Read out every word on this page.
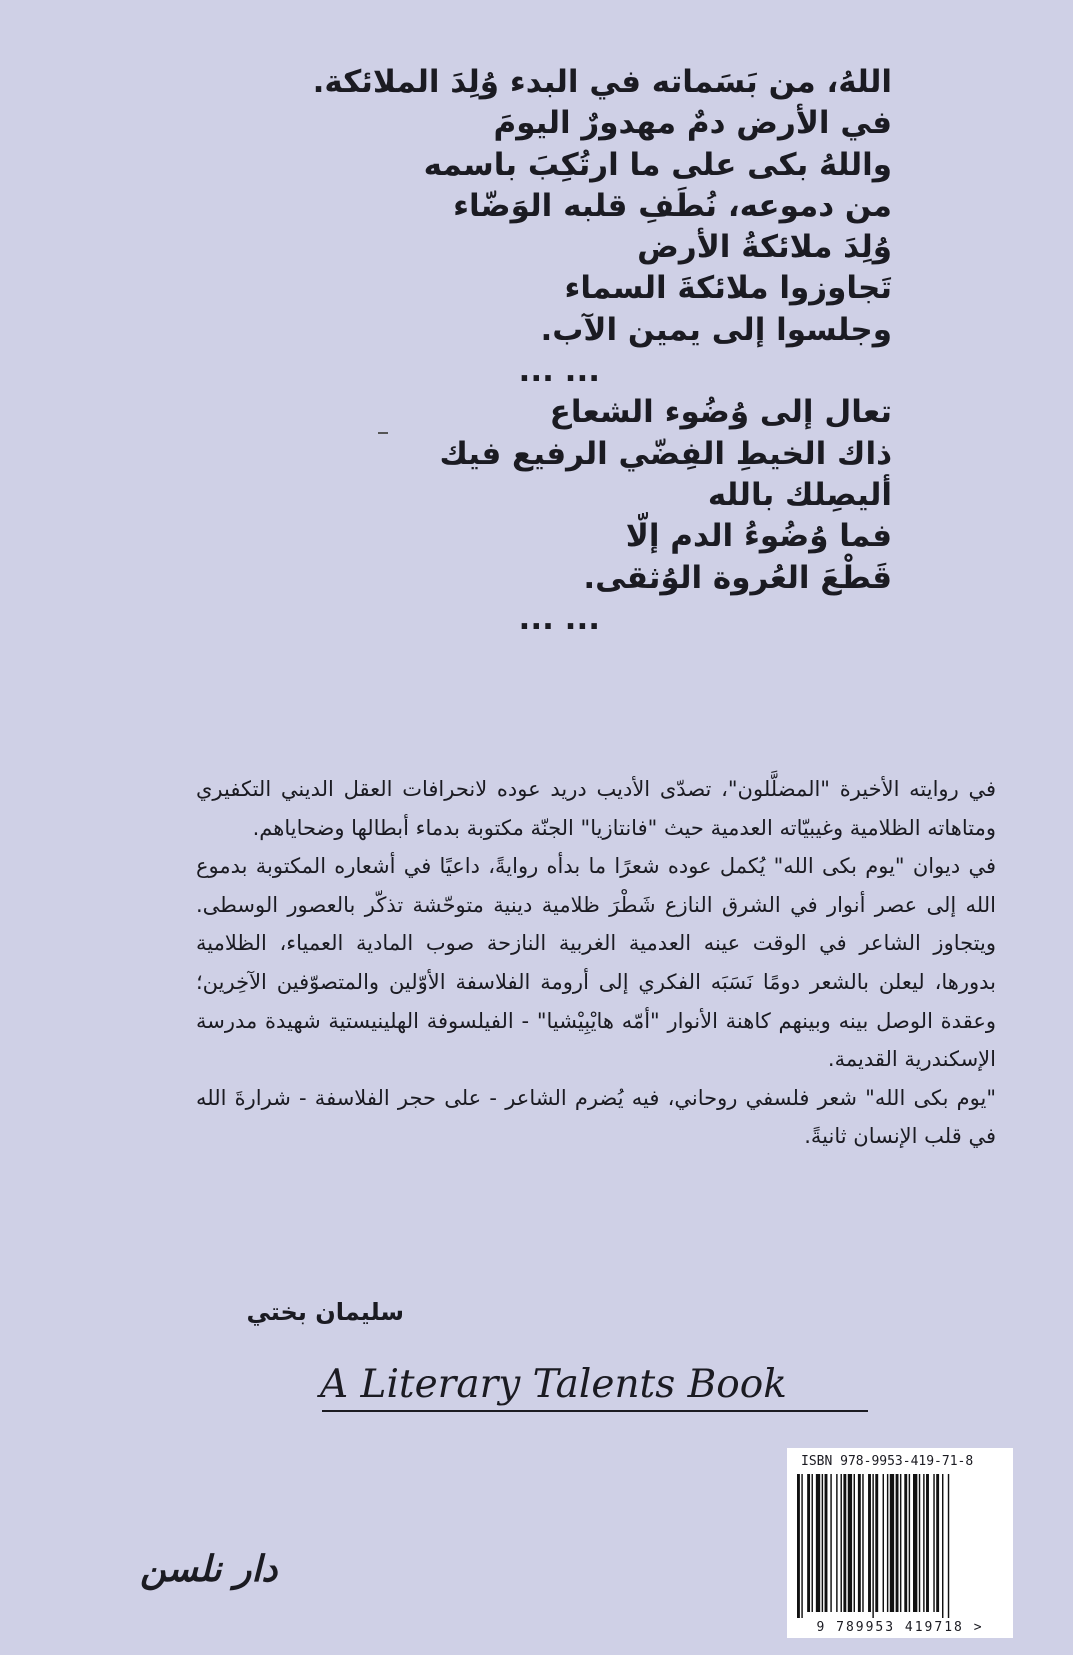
اللهُ، من بَسَماته في البدء وُلِدَ الملائكة.
في الأرض دمٌ مهدورٌ اليومَ
واللهُ بكى على ما ارتُكِبَ باسمه
من دموعه، نُطَفِ قلبه الوَضّاء
وُلِدَ ملائكةُ الأرض
تَجاوزوا ملائكةَ السماء
وجلسوا إلى يمين الآب.
... ...
تعال إلى وُضُوء الشعاع
ذاك الخيطِ الفِضّي الرفيع فيك
أليصِلك بالله
فما وُضُوءُ الدم إلّا
قَطْعَ العُروة الوُثقى.
... ...

في روايته الأخيرة "المضلَّلون"، تصدّى الأديب دريد عوده لانحرافات العقل الديني التكفيري ومتاهاته الظلامية وغيبيّاته العدمية حيث "فانتازيا" الجنّة مكتوبة بدماء أبطالها وضحاياهم.

في ديوان "يوم بكى الله" يُكمل عوده شعرًا ما بدأه روايةً، داعيًا في أشعاره المكتوبة بدموع الله إلى عصر أنوار في الشرق النازع شَطْرَ ظلامية دينية متوحّشة تذكّر بالعصور الوسطى. ويتجاوز الشاعر في الوقت عينه العدمية الغربية النازحة صوب المادية العمياء، الظلامية بدورها، ليعلن بالشعر دومًا نَسَبَه الفكري إلى أرومة الفلاسفة الأوّلين والمتصوّفين الآخِرين؛ وعقدة الوصل بينه وبينهم كاهنة الأنوار "أمّه هايْبِيْشيا" - الفيلسوفة الهلينيستية شهيدة مدرسة الإسكندرية القديمة.

"يوم بكى الله" شعر فلسفي روحاني، فيه يُضرم الشاعر - على حجر الفلاسفة - شرارةَ الله في قلب الإنسان ثانيةً.

سليمان بختي
A Literary Talents Book
دار نلسن
ISBN 978-9953-419-71-8
9 789953 419718 >
